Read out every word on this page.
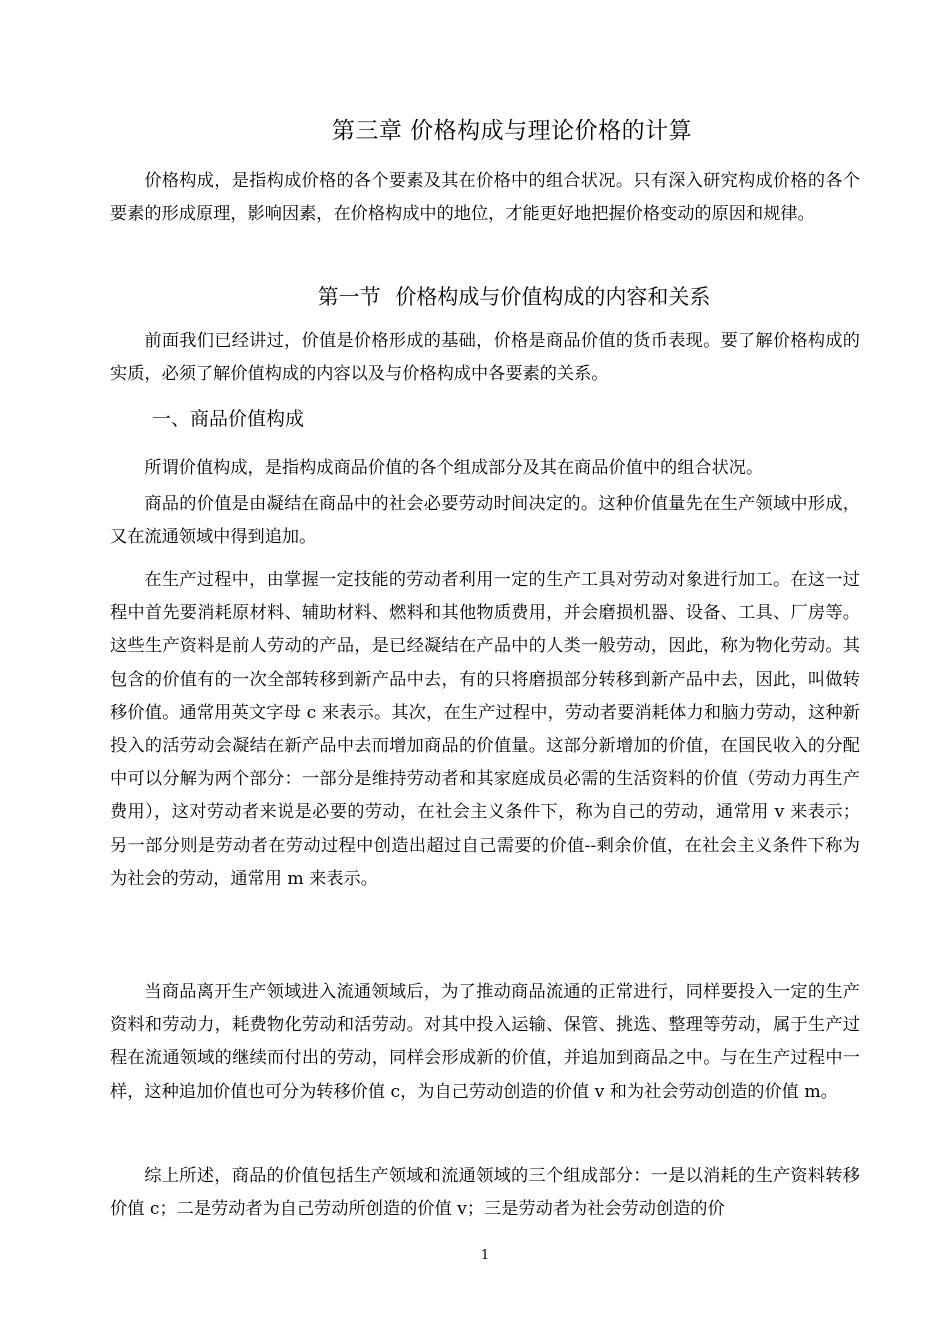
第三章 价格构成与理论价格的计算

价格构成，是指构成价格的各个要素及其在价格中的组合状况。只有深入研究构成价格的各个要素的形成原理，影响因素，在价格构成中的地位，才能更好地把握价格变动的原因和规律。

第一节 价格构成与价值构成的内容和关系

前面我们已经讲过，价值是价格形成的基础，价格是商品价值的货币表现。要了解价格构成的实质，必须了解价值构成的内容以及与价格构成中各要素的关系。

一、商品价值构成

所谓价值构成，是指构成商品价值的各个组成部分及其在商品价值中的组合状况。

商品的价值是由凝结在商品中的社会必要劳动时间决定的。这种价值量先在生产领域中形成，又在流通领域中得到追加。

在生产过程中，由掌握一定技能的劳动者利用一定的生产工具对劳动对象进行加工。在这一过程中首先要消耗原材料、辅助材料、燃料和其他物质费用，并会磨损机器、设备、工具、厂房等。这些生产资料是前人劳动的产品，是已经凝结在产品中的人类一般劳动，因此，称为物化劳动。其包含的价值有的一次全部转移到新产品中去，有的只将磨损部分转移到新产品中去，因此，叫做转移价值。通常用英文字母 c 来表示。其次，在生产过程中，劳动者要消耗体力和脑力劳动，这种新投入的活劳动会凝结在新产品中去而增加商品的价值量。这部分新增加的价值，在国民收入的分配中可以分解为两个部分：一部分是维持劳动者和其家庭成员必需的生活资料的价值（劳动力再生产费用），这对劳动者来说是必要的劳动，在社会主义条件下，称为自己的劳动，通常用 v 来表示；另一部分则是劳动者在劳动过程中创造出超过自己需要的价值--剩余价值，在社会主义条件下称为为社会的劳动，通常用 m 来表示。

当商品离开生产领域进入流通领域后，为了推动商品流通的正常进行，同样要投入一定的生产资料和劳动力，耗费物化劳动和活劳动。对其中投入运输、保管、挑选、整理等劳动，属于生产过程在流通领域的继续而付出的劳动，同样会形成新的价值，并追加到商品之中。与在生产过程中一样，这种追加价值也可分为转移价值 c，为自己劳动创造的价值 v 和为社会劳动创造的价值 m。

综上所述，商品的价值包括生产领域和流通领域的三个组成部分：一是以消耗的生产资料转移价值 c；二是劳动者为自己劳动所创造的价值 v；三是劳动者为社会劳动创造的价

1
